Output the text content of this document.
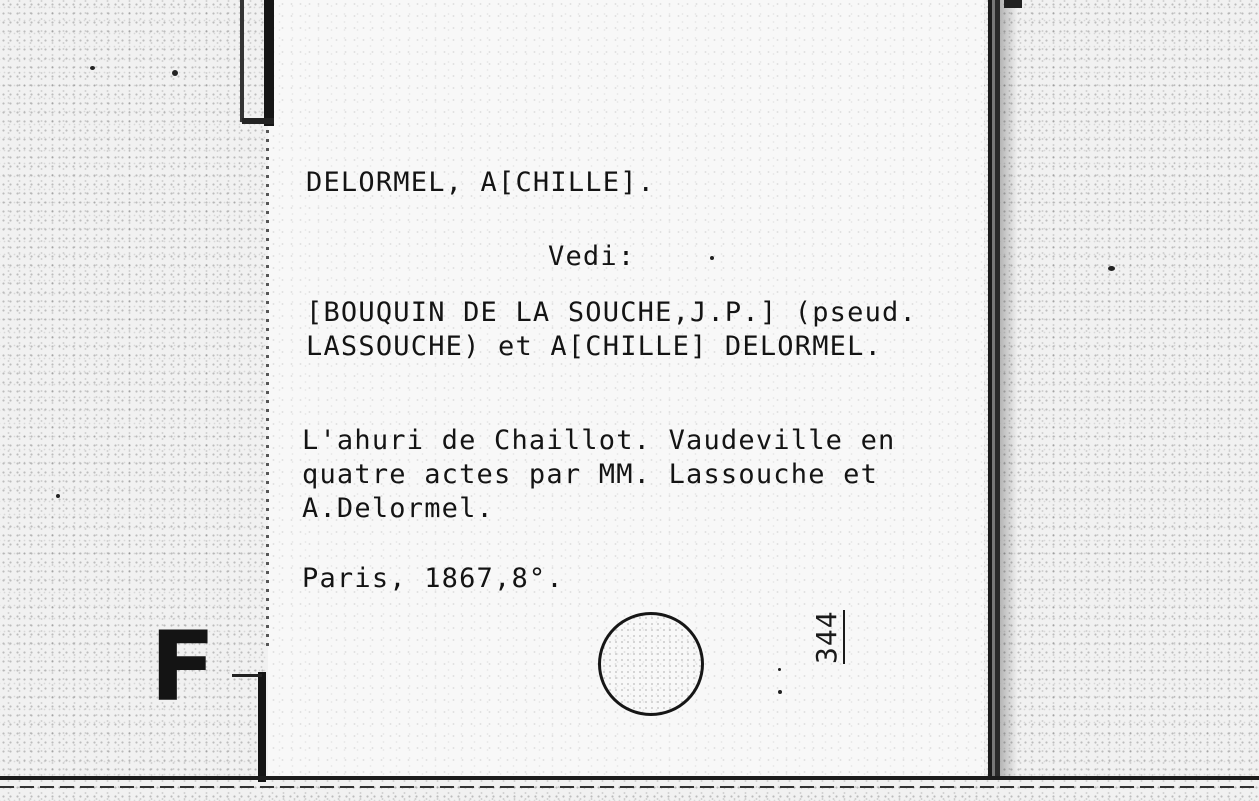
DELORMEL, A[CHILLE].
Vedi:
[BOUQUIN DE LA SOUCHE,J.P.] (pseud.
LASSOUCHE) et A[CHILLE] DELORMEL.
L'ahuri de Chaillot. Vaudeville en
quatre actes par MM. Lassouche et
A.Delormel.
Paris, 1867,8°.
F	344
